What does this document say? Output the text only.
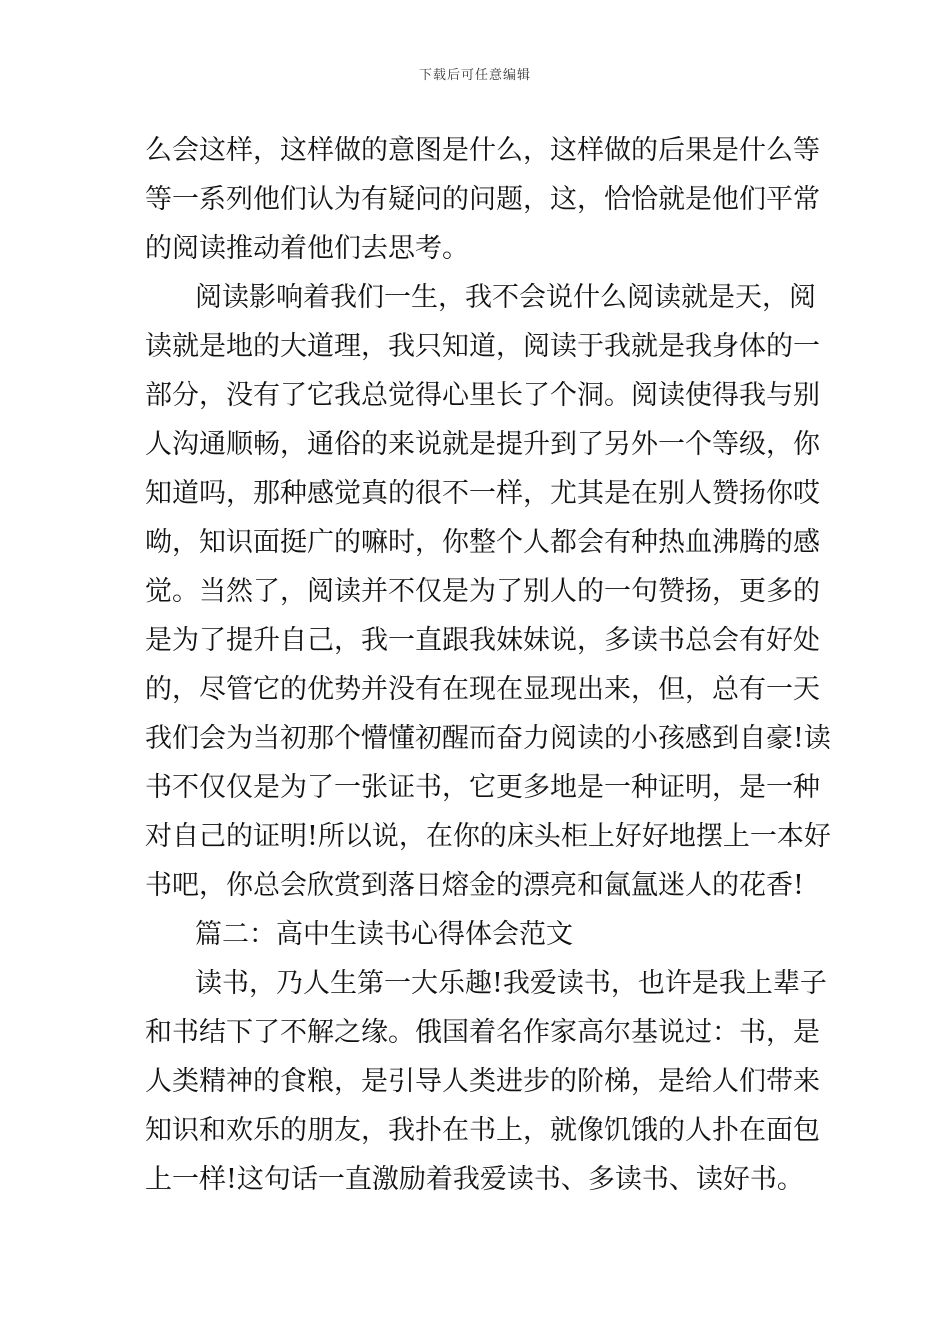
下载后可任意编辑
么会这样，这样做的意图是什么，这样做的后果是什么等
等一系列他们认为有疑问的问题，这，恰恰就是他们平常
的阅读推动着他们去思考。
阅读影响着我们一生，我不会说什么阅读就是天，阅
读就是地的大道理，我只知道，阅读于我就是我身体的一
部分，没有了它我总觉得心里长了个洞。阅读使得我与别
人沟通顺畅，通俗的来说就是提升到了另外一个等级，你
知道吗，那种感觉真的很不一样，尤其是在别人赞扬你哎
呦，知识面挺广的嘛时，你整个人都会有种热血沸腾的感
觉。当然了，阅读并不仅是为了别人的一句赞扬，更多的
是为了提升自己，我一直跟我妹妹说，多读书总会有好处
的，尽管它的优势并没有在现在显现出来，但，总有一天
我们会为当初那个懵懂初醒而奋力阅读的小孩感到自豪!读
书不仅仅是为了一张证书，它更多地是一种证明，是一种
对自己的证明!所以说，在你的床头柜上好好地摆上一本好
书吧，你总会欣赏到落日熔金的漂亮和氤氲迷人的花香!
篇二：高中生读书心得体会范文
读书，乃人生第一大乐趣!我爱读书，也许是我上辈子
和书结下了不解之缘。俄国着名作家高尔基说过：书，是
人类精神的食粮，是引导人类进步的阶梯，是给人们带来
知识和欢乐的朋友，我扑在书上，就像饥饿的人扑在面包
上一样!这句话一直激励着我爱读书、多读书、读好书。
